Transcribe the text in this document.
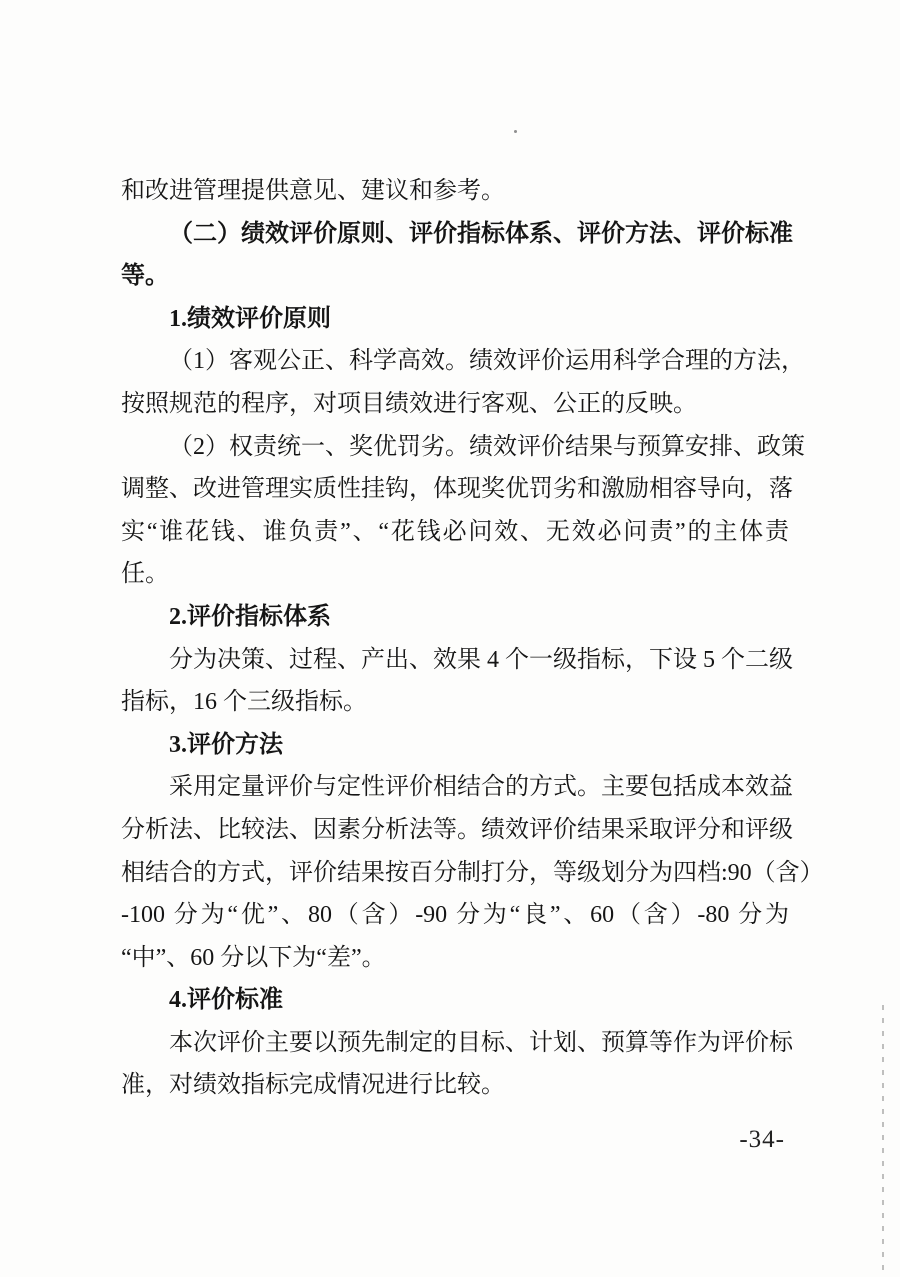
和改进管理提供意见、建议和参考。
（二）绩效评价原则、评价指标体系、评价方法、评价标准
等。
1.绩效评价原则
（1）客观公正、科学高效。绩效评价运用科学合理的方法，
按照规范的程序，对项目绩效进行客观、公正的反映。
（2）权责统一、奖优罚劣。绩效评价结果与预算安排、政策
调整、改进管理实质性挂钩，体现奖优罚劣和激励相容导向，落
实“谁花钱、谁负责”、“花钱必问效、无效必问责”的主体责
任。
2.评价指标体系
分为决策、过程、产出、效果 4 个一级指标，下设 5 个二级
指标，16 个三级指标。
3.评价方法
采用定量评价与定性评价相结合的方式。主要包括成本效益
分析法、比较法、因素分析法等。绩效评价结果采取评分和评级
相结合的方式，评价结果按百分制打分，等级划分为四档:90（含）
-100 分为“优”、80（含）-90 分为“良”、60（含）-80 分为
“中”、60 分以下为“差”。
4.评价标准
本次评价主要以预先制定的目标、计划、预算等作为评价标
准，对绩效指标完成情况进行比较。
-34-
